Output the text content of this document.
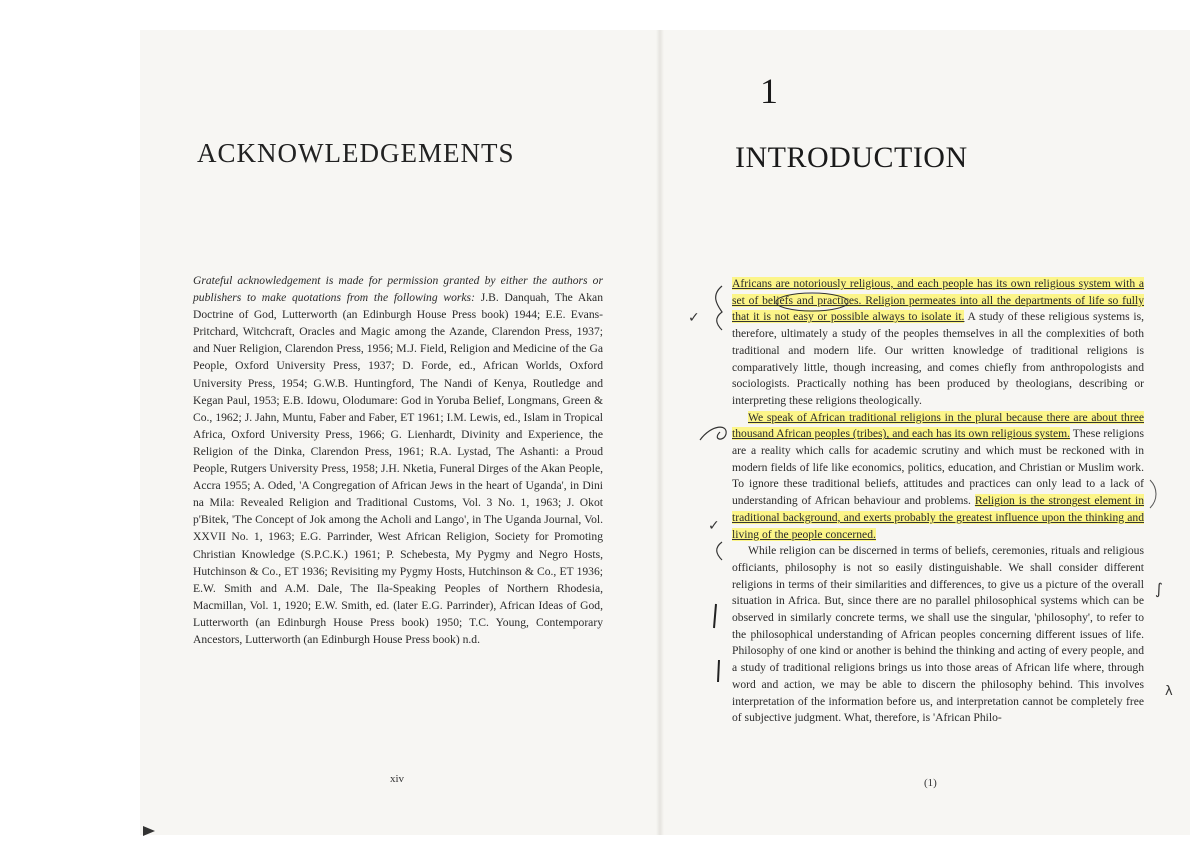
ACKNOWLEDGEMENTS

Grateful acknowledgement is made for permission granted by either the authors or publishers to make quotations from the following works: J.B. Danquah, The Akan Doctrine of God, Lutterworth (an Edinburgh House Press book) 1944; E.E. Evans-Pritchard, Witchcraft, Oracles and Magic among the Azande, Clarendon Press, 1937; and Nuer Religion, Clarendon Press, 1956; M.J. Field, Religion and Medicine of the Ga People, Oxford University Press, 1937; D. Forde, ed., African Worlds, Oxford University Press, 1954; G.W.B. Huntingford, The Nandi of Kenya, Routledge and Kegan Paul, 1953; E.B. Idowu, Olodumare: God in Yoruba Belief, Longmans, Green & Co., 1962; J. Jahn, Muntu, Faber and Faber, ET 1961; I.M. Lewis, ed., Islam in Tropical Africa, Oxford University Press, 1966; G. Lienhardt, Divinity and Experience, the Religion of the Dinka, Clarendon Press, 1961; R.A. Lystad, The Ashanti: a Proud People, Rutgers University Press, 1958; J.H. Nketia, Funeral Dirges of the Akan People, Accra 1955; A. Oded, 'A Congregation of African Jews in the heart of Uganda', in Dini na Mila: Revealed Religion and Traditional Customs, Vol. 3 No. 1, 1963; J. Okot p'Bitek, 'The Concept of Jok among the Acholi and Lango', in The Uganda Journal, Vol. XXVII No. 1, 1963; E.G. Parrinder, West African Religion, Society for Promoting Christian Knowledge (S.P.C.K.) 1961; P. Schebesta, My Pygmy and Negro Hosts, Hutchinson & Co., ET 1936; Revisiting my Pygmy Hosts, Hutchinson & Co., ET 1936; E.W. Smith and A.M. Dale, The Ila-Speaking Peoples of Northern Rhodesia, Macmillan, Vol. 1, 1920; E.W. Smith, ed. (later E.G. Parrinder), African Ideas of God, Lutterworth (an Edinburgh House Press book) 1950; T.C. Young, Contemporary Ancestors, Lutterworth (an Edinburgh House Press book) n.d.

xiv
1
INTRODUCTION

Africans are notoriously religious, and each people has its own religious system with a set of beliefs and practices. Religion permeates into all the departments of life so fully that it is not easy or possible always to isolate it. A study of these religious systems is, therefore, ultimately a study of the peoples themselves in all the complexities of both traditional and modern life. Our written knowledge of traditional religions is comparatively little, though increasing, and comes chiefly from anthropologists and sociologists. Practically nothing has been produced by theologians, describing or interpreting these religions theologically.

We speak of African traditional religions in the plural because there are about three thousand African peoples (tribes), and each has its own religious system. These religions are a reality which calls for academic scrutiny and which must be reckoned with in modern fields of life like economics, politics, education, and Christian or Muslim work. To ignore these traditional beliefs, attitudes and practices can only lead to a lack of understanding of African behaviour and problems. Religion is the strongest element in traditional background, and exerts probably the greatest influence upon the thinking and living of the people concerned.

While religion can be discerned in terms of beliefs, ceremonies, rituals and religious officiants, philosophy is not so easily distinguishable. We shall consider different religions in terms of their similarities and differences, to give us a picture of the overall situation in Africa. But, since there are no parallel philosophical systems which can be observed in similarly concrete terms, we shall use the singular, 'philosophy', to refer to the philosophical understanding of African peoples concerning different issues of life. Philosophy of one kind or another is behind the thinking and acting of every people, and a study of traditional religions brings us into those areas of African life where, through word and action, we may be able to discern the philosophy behind. This involves interpretation of the information before us, and interpretation cannot be completely free of subjective judgment. What, therefore, is 'African Philo-

(1)
✓
✓
∫
λ
